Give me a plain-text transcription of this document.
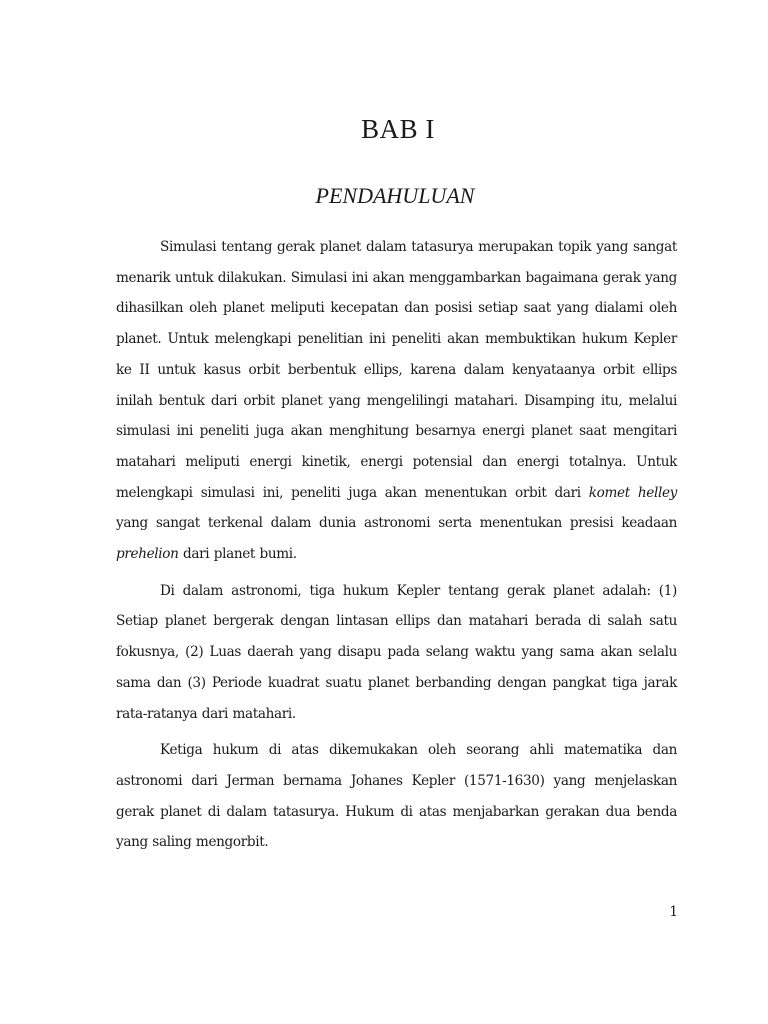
BAB I
PENDAHULUAN

Simulasi tentang gerak planet dalam tatasurya merupakan topik yang sangat menarik untuk dilakukan. Simulasi ini akan menggambarkan bagaimana gerak yang dihasilkan oleh planet meliputi kecepatan dan posisi setiap saat yang dialami oleh planet. Untuk melengkapi penelitian ini peneliti akan membuktikan hukum Kepler ke II untuk kasus orbit berbentuk ellips, karena dalam kenyataanya orbit ellips inilah bentuk dari orbit planet yang mengelilingi matahari. Disamping itu, melalui simulasi ini peneliti juga akan menghitung besarnya energi planet saat mengitari matahari meliputi energi kinetik, energi potensial dan energi totalnya. Untuk melengkapi simulasi ini, peneliti juga akan menentukan orbit dari komet helley yang sangat terkenal dalam dunia astronomi serta menentukan presisi keadaan prehelion dari planet bumi.

Di dalam astronomi, tiga hukum Kepler tentang gerak planet adalah: (1) Setiap planet bergerak dengan lintasan ellips dan matahari berada di salah satu fokusnya, (2) Luas daerah yang disapu pada selang waktu yang sama akan selalu sama dan (3) Periode kuadrat suatu planet berbanding dengan pangkat tiga jarak rata-ratanya dari matahari.

Ketiga hukum di atas dikemukakan oleh seorang ahli matematika dan astronomi dari Jerman bernama Johanes Kepler (1571-1630) yang menjelaskan gerak planet di dalam tatasurya. Hukum di atas menjabarkan gerakan dua benda yang saling mengorbit.

1
